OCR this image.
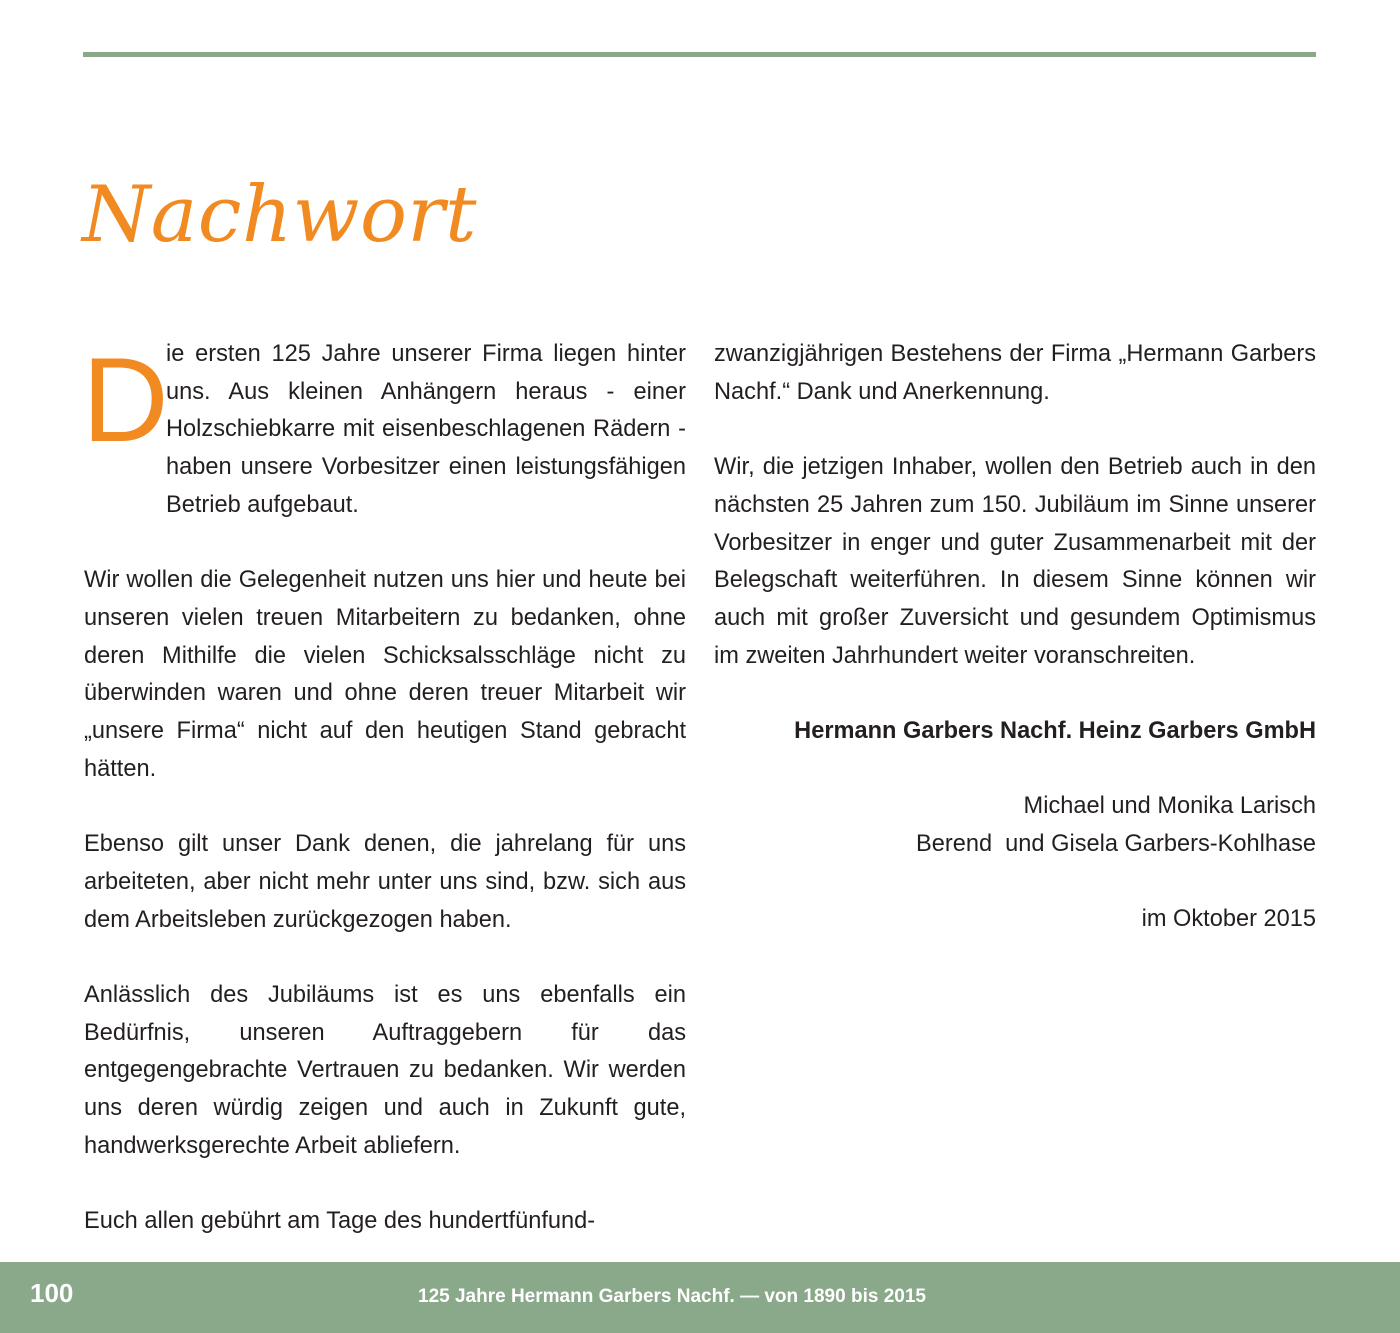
Nachwort

D
ie ersten 125 Jahre unserer Firma liegen hinter uns. Aus kleinen Anhängern heraus - einer Holzschiebkarre mit eisenbeschlagenen Rädern - haben unsere Vorbesitzer einen leistungsfähigen Betrieb aufgebaut.

Wir wollen die Gelegenheit nutzen uns hier und heute bei unseren vielen treuen Mitarbeitern zu bedanken, ohne deren Mithilfe die vielen Schicksalsschläge nicht zu überwinden waren und ohne deren treuer Mitarbeit wir „unsere Firma“ nicht auf den heutigen Stand gebracht hätten.

Ebenso gilt unser Dank denen, die jahrelang für uns arbeiteten, aber nicht mehr unter uns sind, bzw. sich aus dem Arbeitsleben zurückgezogen haben.

Anlässlich des Jubiläums ist es uns ebenfalls ein Bedürfnis, unseren Auftraggebern für das entgegengebrachte Vertrauen zu bedanken. Wir werden uns deren würdig zeigen und auch in Zukunft gute, handwerksgerechte Arbeit abliefern.

Euch allen gebührt am Tage des hundertfünfund-

zwanzigjährigen Bestehens der Firma „Hermann Garbers Nachf.“ Dank und Anerkennung.

Wir, die jetzigen Inhaber, wollen den Betrieb auch in den nächsten 25 Jahren zum 150. Jubiläum im Sinne unserer Vorbesitzer in enger und guter Zusammenarbeit mit der Belegschaft weiterführen. In diesem Sinne können wir auch mit großer Zuversicht und gesundem Optimismus im zweiten Jahrhundert weiter voranschreiten.

Hermann Garbers Nachf. Heinz Garbers GmbH

Michael und Monika Larisch

Berend  und Gisela Garbers-Kohlhase

im Oktober 2015

100	125 Jahre Hermann Garbers Nachf. — von 1890 bis 2015
